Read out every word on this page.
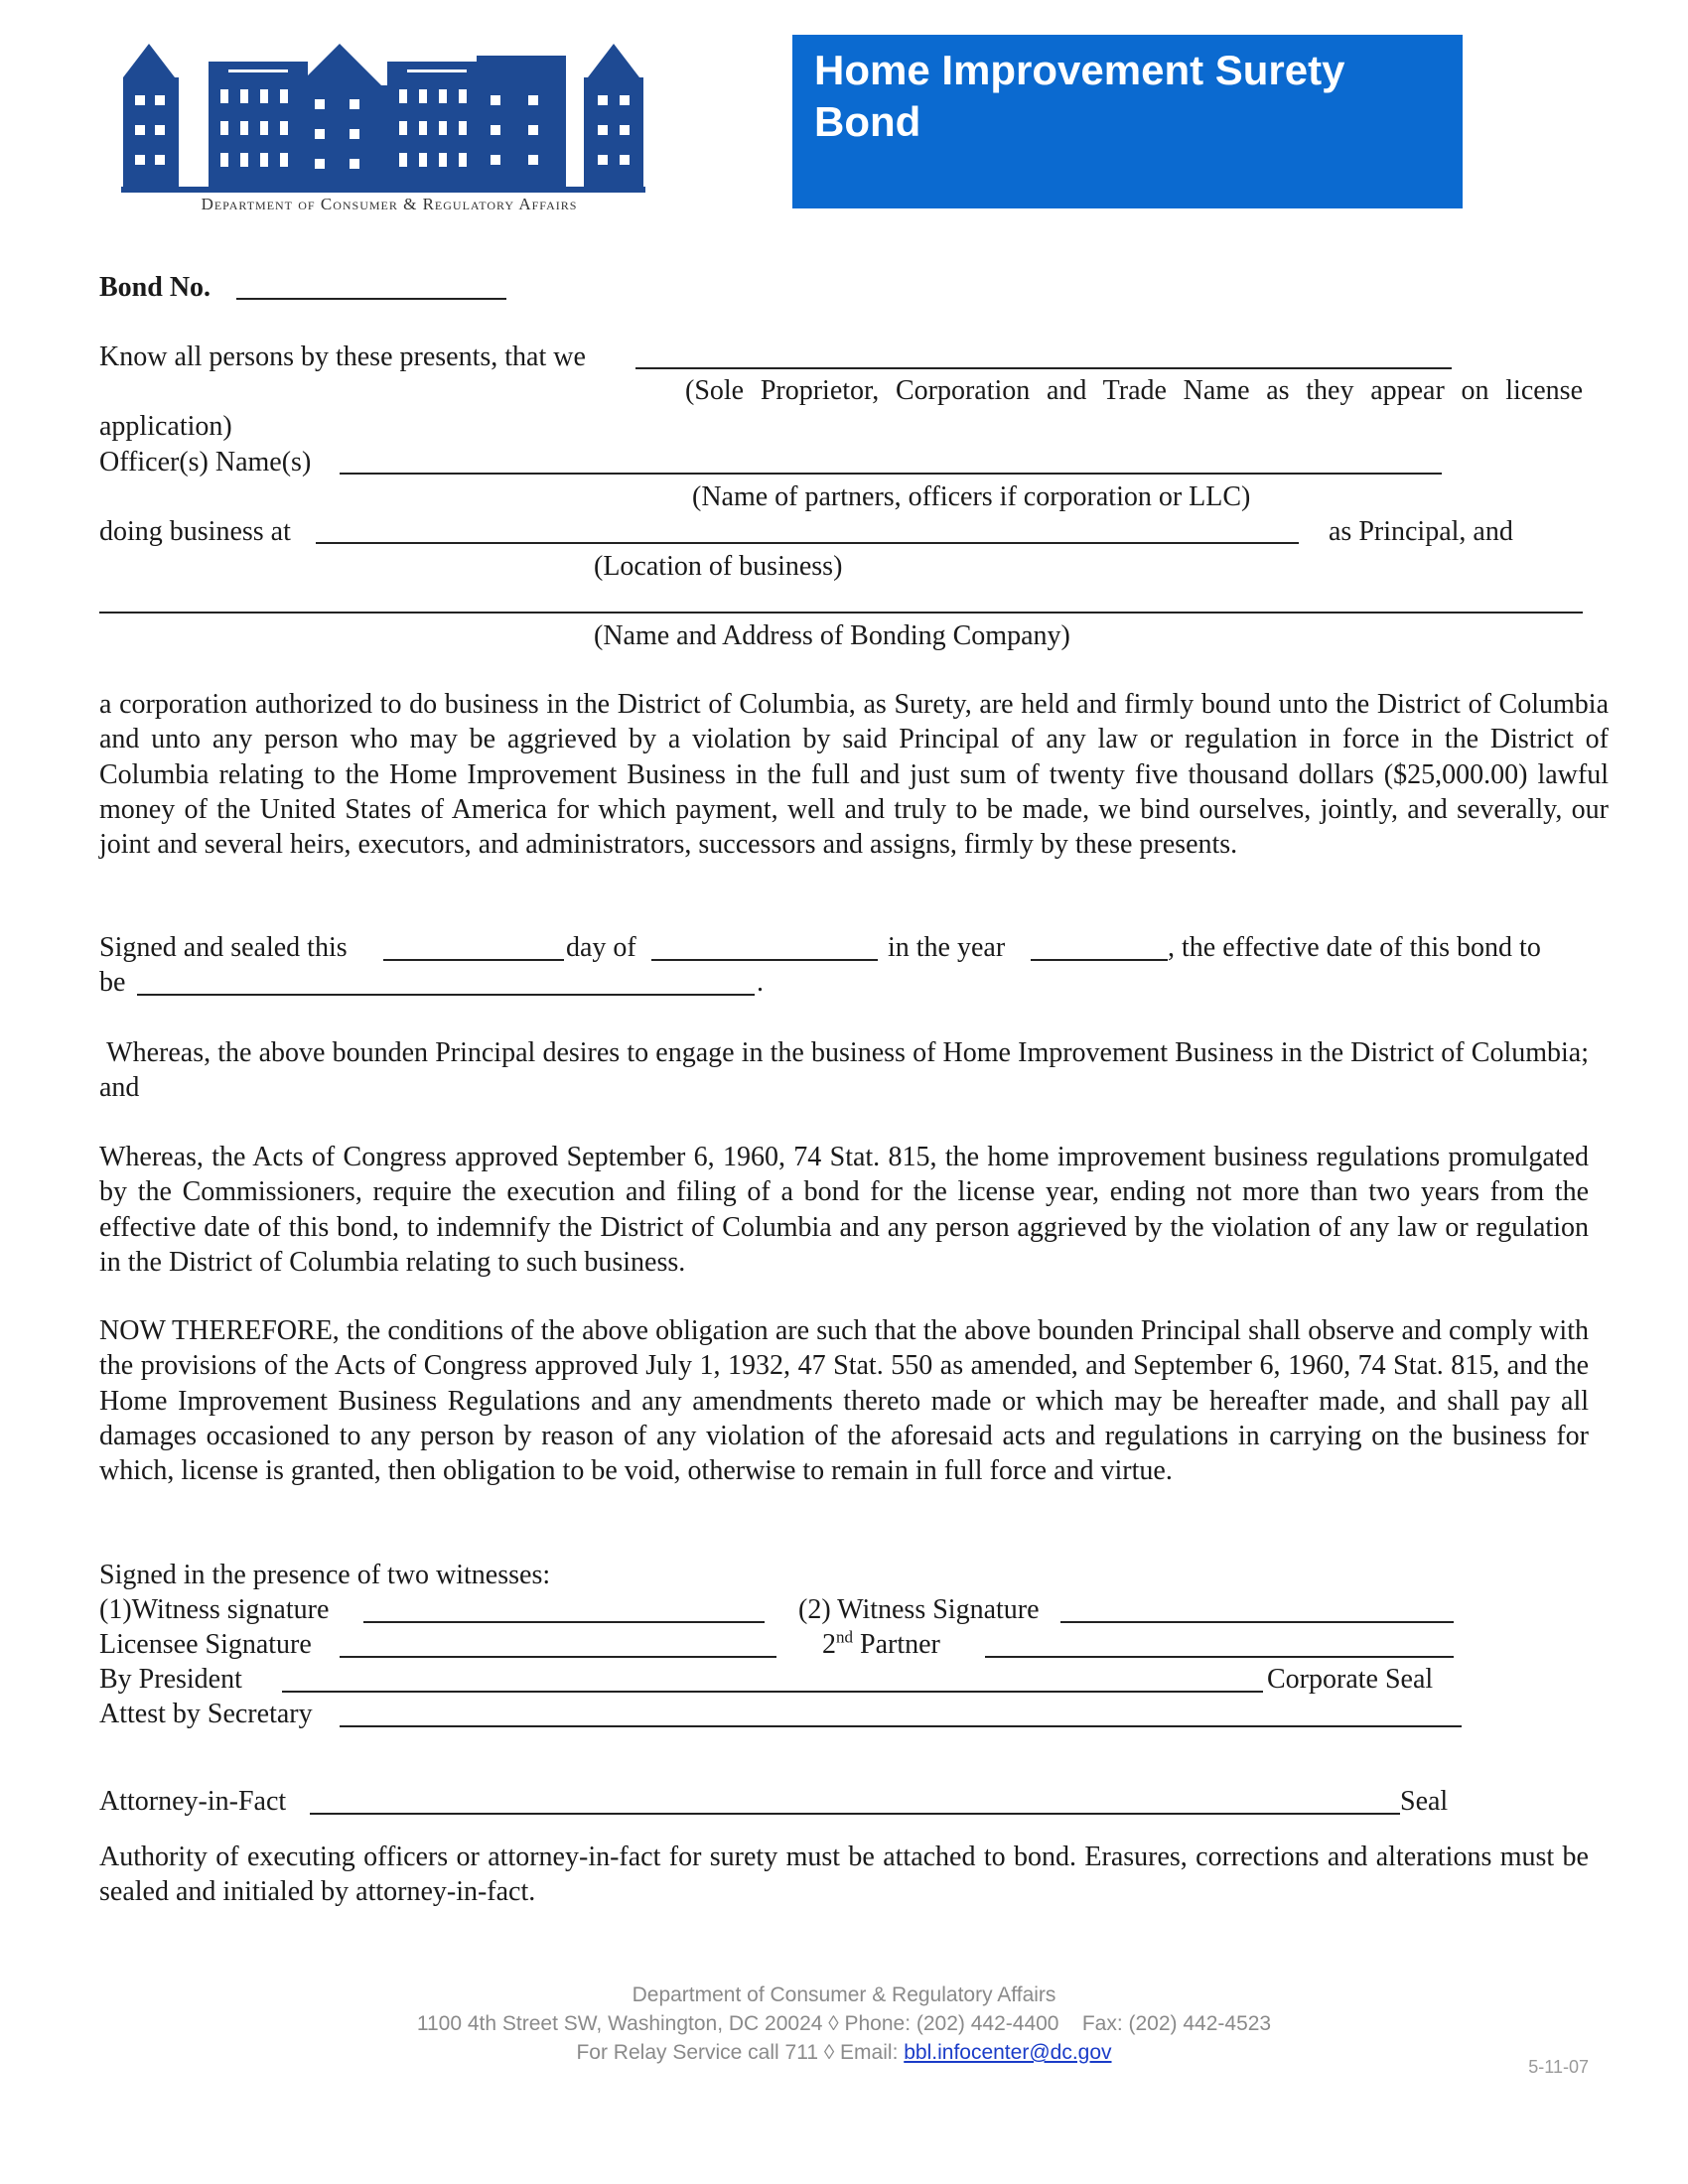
Department of Consumer & Regulatory Affairs
Home Improvement Surety Bond
Bond No.
Know all persons by these presents, that we
(Sole Proprietor, Corporation and Trade Name as they appear on license
application)
Officer(s) Name(s)
(Name of partners, officers if corporation or LLC)
doing business at	as Principal, and
(Location of business)
(Name and Address of Bonding Company)
a corporation authorized to do business in the District of Columbia, as Surety, are held and firmly bound unto the District of Columbia and unto any person who may be aggrieved by a violation by said Principal of any law or regulation in force in the District of Columbia relating to the Home Improvement Business in the full and just sum of twenty five thousand dollars ($25,000.00) lawful money of the United States of America for which payment, well and truly to be made, we bind ourselves, jointly, and severally, our joint and several heirs, executors, and administrators, successors and assigns, firmly by these presents.
Signed and sealed this	day of	in the year	, the effective date of this bond to
be	.
Whereas, the above bounden Principal desires to engage in the business of Home Improvement Business in the District of Columbia; and
Whereas, the Acts of Congress approved September 6, 1960, 74 Stat. 815, the home improvement business regulations promulgated by the Commissioners, require the execution and filing of a bond for the license year, ending not more than two years from the effective date of this bond, to indemnify the District of Columbia and any person aggrieved by the violation of any law or regulation in the District of Columbia relating to such business.
NOW THEREFORE, the conditions of the above obligation are such that the above bounden Principal shall observe and comply with the provisions of the Acts of Congress approved July 1, 1932, 47 Stat. 550 as amended, and September 6, 1960, 74 Stat. 815, and the Home Improvement Business Regulations and any amendments thereto made or which may be hereafter made, and shall pay all damages occasioned to any person by reason of any violation of the aforesaid acts and regulations in carrying on the business for which, license is granted, then obligation to be void, otherwise to remain in full force and virtue.
Signed in the presence of two witnesses:
(1)Witness signature	(2) Witness Signature
Licensee Signature	2nd Partner
By President	Corporate Seal
Attest by Secretary
Attorney-in-Fact	Seal
Authority of executing officers or attorney-in-fact for surety must be attached to bond. Erasures, corrections and alterations must be sealed and initialed by attorney-in-fact.
Department of Consumer & Regulatory Affairs
1100 4th Street SW, Washington, DC 20024 ◊ Phone: (202) 442-4400    Fax: (202) 442-4523
For Relay Service call 711 ◊ Email: bbl.infocenter@dc.gov
5-11-07
